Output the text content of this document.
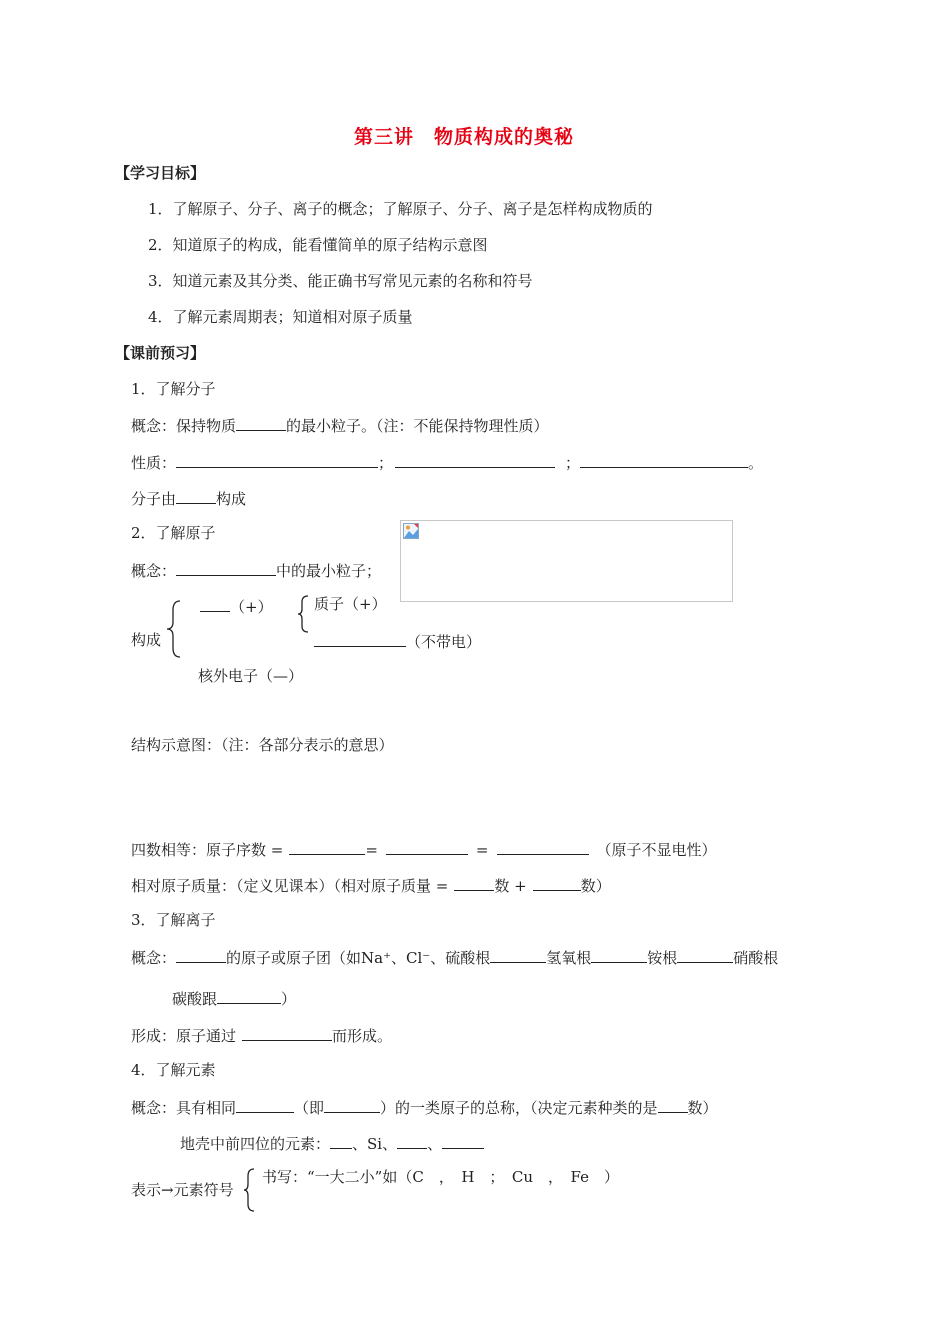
第三讲　物质构成的奥秘
【学习目标】
1．了解原子、分子、离子的概念；了解原子、分子、离子是怎样构成物质的
2．知道原子的构成，能看懂简单的原子结构示意图
3．知道元素及其分类、能正确书写常见元素的名称和符号
4．了解元素周期表；知道相对原子质量
【课前预习】
1．了解分子
概念：保持物质	的最小粒子。（注：不能保持物理性质）
性质：	；	；	。
分子由	构成
2．了解原子
概念：	中的最小粒子；
（+）	质子（+）
构成	（不带电）
核外电子（—）
结构示意图：（注：各部分表示的意思）
四数相等：原子序数 =	=	=	（原子不显电性）
相对原子质量：（定义见课本）（相对原子质量 =	数 +	数）
3．了解离子
概念：	的原子或原子团（如Na⁺、Cl⁻、硫酸根	氢氧根	铵根	硝酸根
碳酸跟	）
形成：原子通过	而形成。
4．了解元素
概念：具有相同	（即	）的一类原子的总称，（决定元素种类的是 数）
地壳中前四位的元素： 、Si、 、
表示→元素符号
书写：“一大二小”如（C　，　H　；　Cu　，　Fe　）
